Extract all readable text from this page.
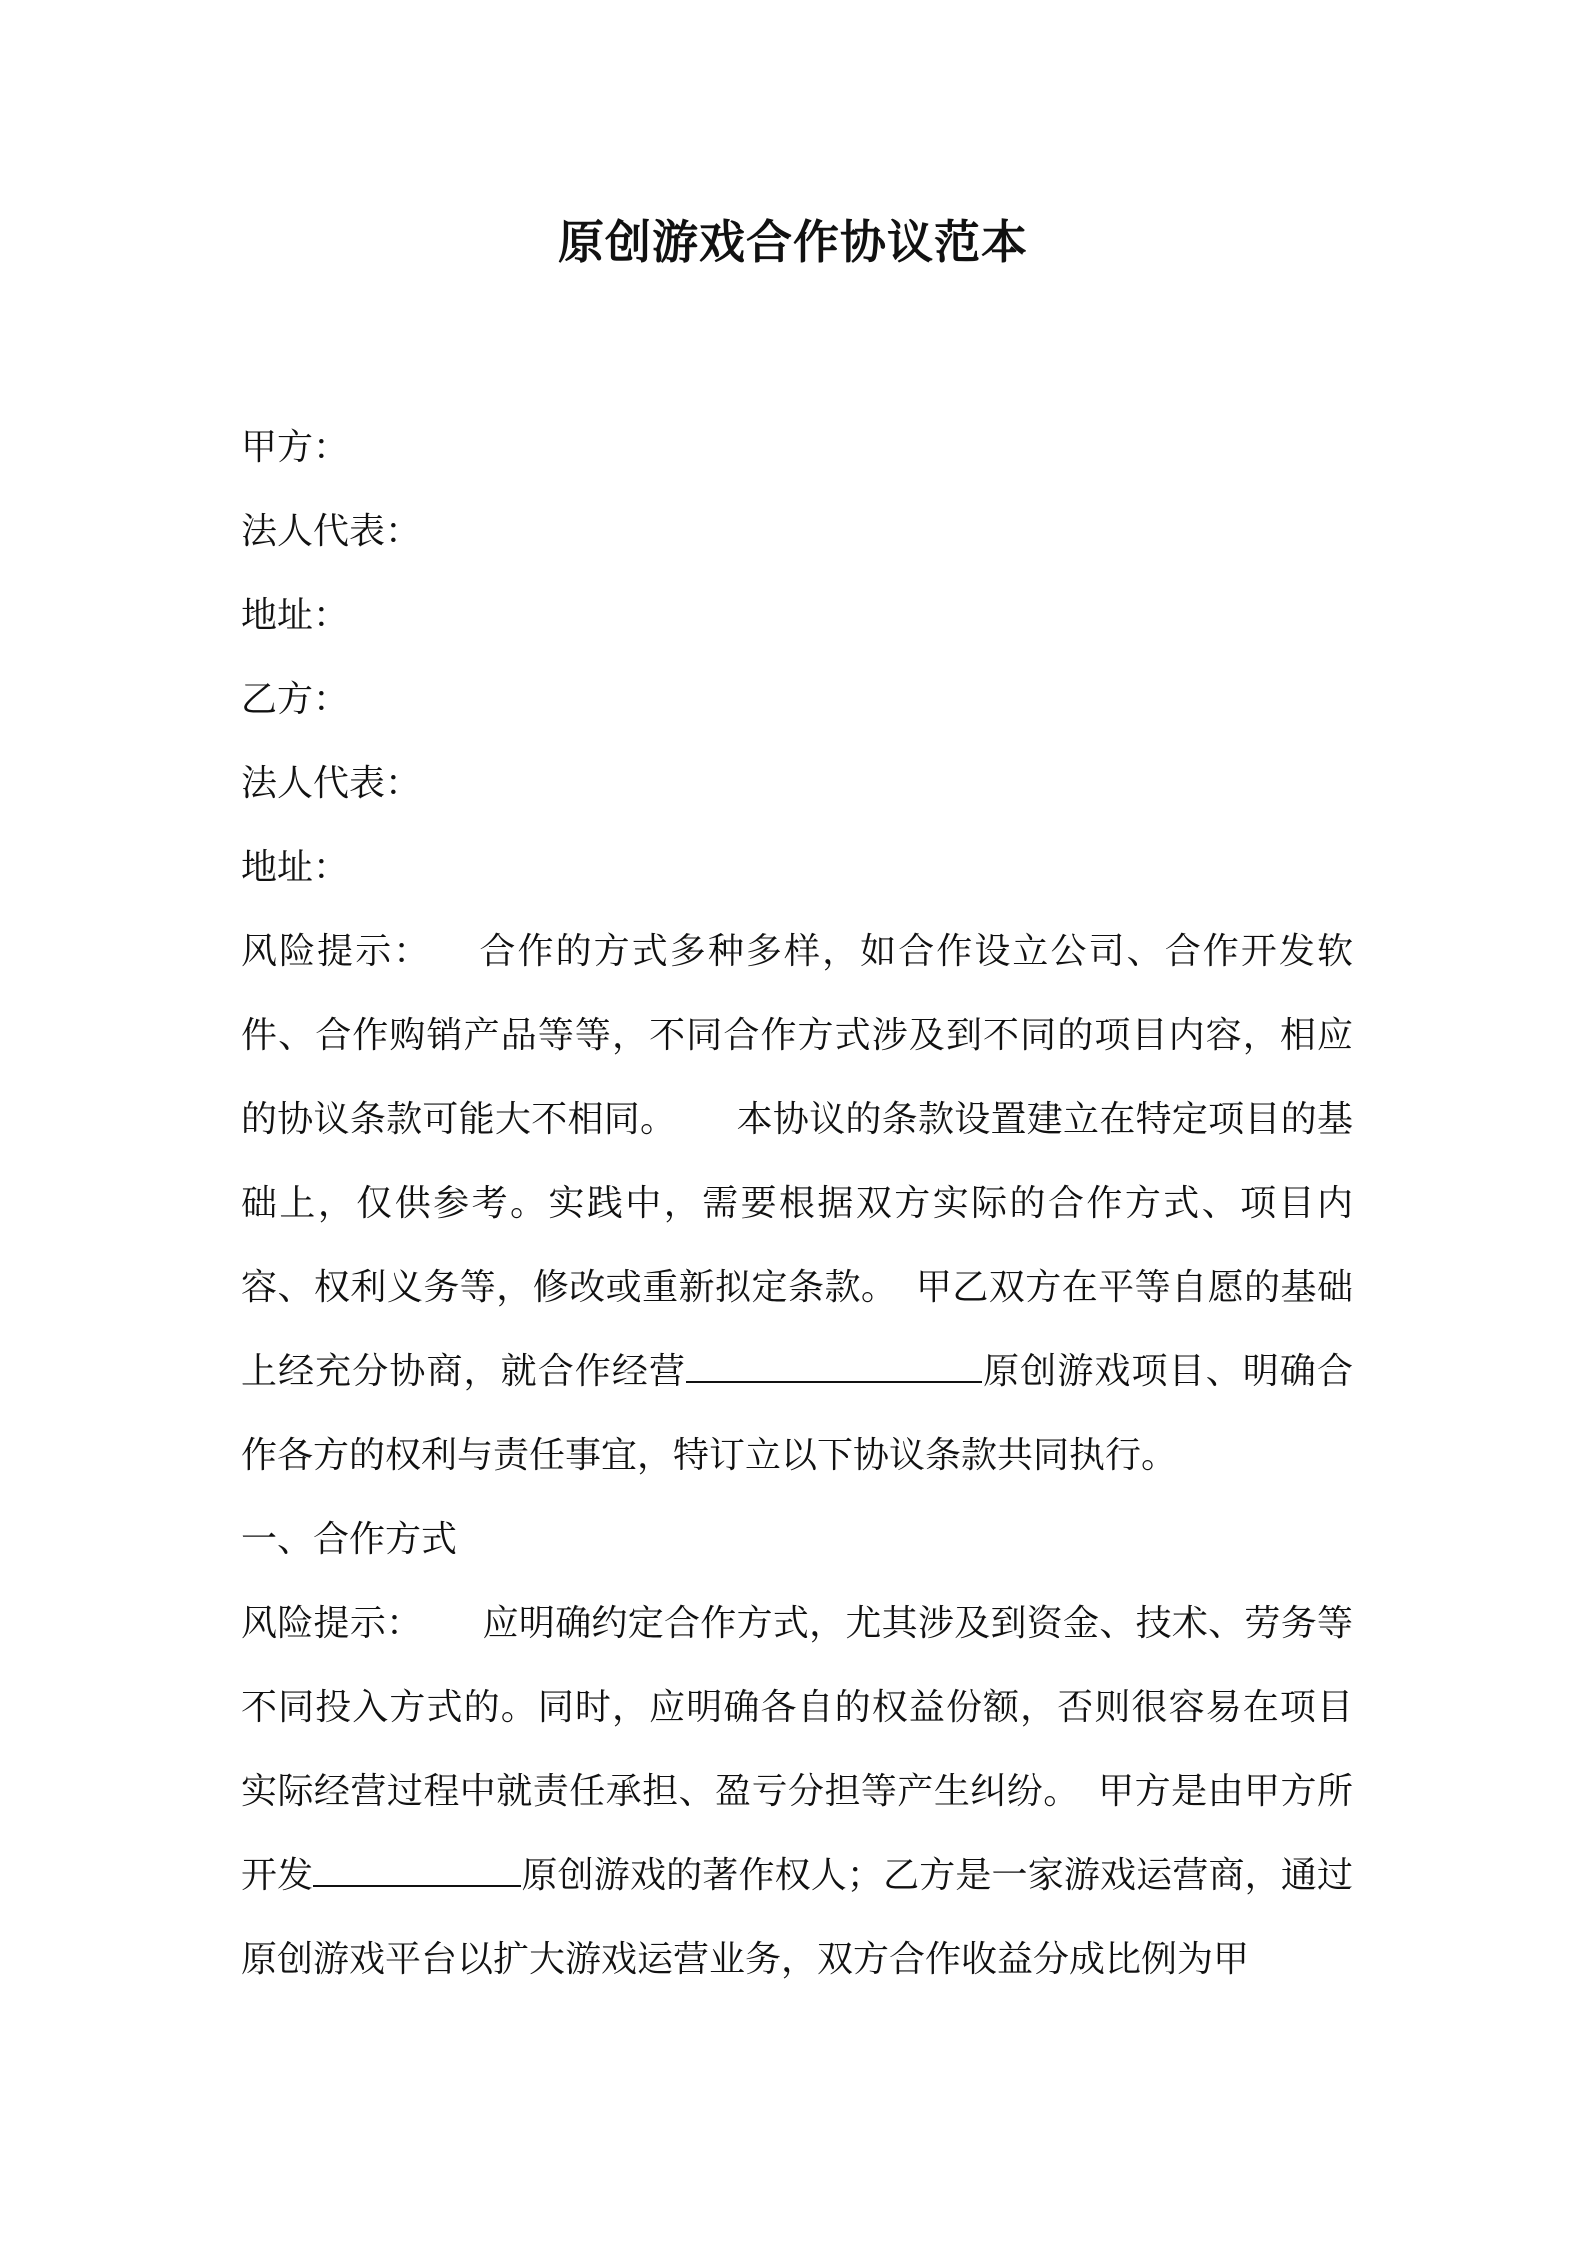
原创游戏合作协议范本
甲方：
法人代表：
地址：
乙方：
法人代表：
地址：
风险提示： 合作的方式多种多样，如合作设立公司、合作开发软件、合作购销产品等等，不同合作方式涉及到不同的项目内容，相应的协议条款可能大不相同。 本协议的条款设置建立在特定项目的基础上，仅供参考。实践中，需要根据双方实际的合作方式、项目内容、权利义务等，修改或重新拟定条款。 甲乙双方在平等自愿的基础上经充分协商，就合作经营	原创游戏项目、明确合作各方的权利与责任事宜，特订立以下协议条款共同执行。
一、合作方式
风险提示： 应明确约定合作方式，尤其涉及到资金、技术、劳务等不同投入方式的。同时，应明确各自的权益份额，否则很容易在项目实际经营过程中就责任承担、盈亏分担等产生纠纷。 甲方是由甲方所开发	原创游戏的著作权人；乙方是一家游戏运营商，通过原创游戏平台以扩大游戏运营业务，双方合作收益分成比例为甲
